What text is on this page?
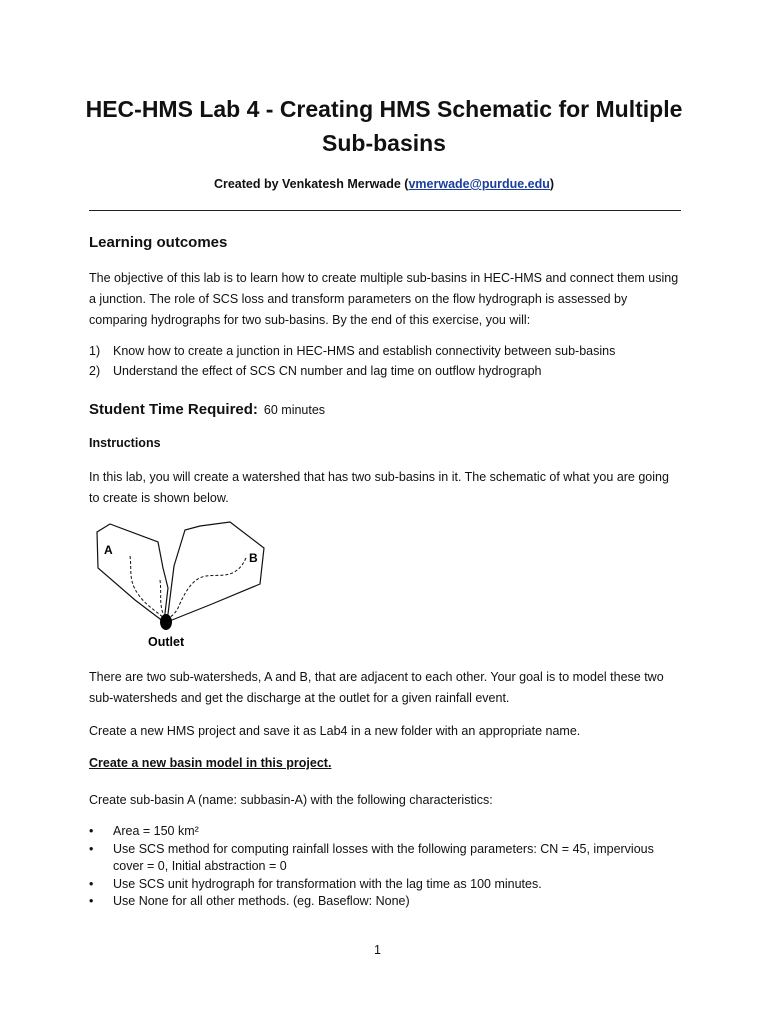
HEC-HMS Lab 4 - Creating HMS Schematic for Multiple Sub-basins
Created by Venkatesh Merwade (vmerwade@purdue.edu)
Learning outcomes
The objective of this lab is to learn how to create multiple sub-basins in HEC-HMS and connect them using a junction. The role of SCS loss and transform parameters on the flow hydrograph is assessed by comparing hydrographs for two sub-basins. By the end of this exercise, you will:
1) Know how to create a junction in HEC-HMS and establish connectivity between sub-basins
2) Understand the effect of SCS CN number and lag time on outflow hydrograph
Student Time Required: 60 minutes
Instructions
In this lab, you will create a watershed that has two sub-basins in it. The schematic of what you are going to create is shown below.
A
B
Outlet
There are two sub-watersheds, A and B, that are adjacent to each other. Your goal is to model these two sub-watersheds and get the discharge at the outlet for a given rainfall event.
Create a new HMS project and save it as Lab4 in a new folder with an appropriate name.
Create a new basin model in this project.
Create sub-basin A (name: subbasin-A) with the following characteristics:
• Area = 150 km²
• Use SCS method for computing rainfall losses with the following parameters: CN = 45, impervious cover = 0, Initial abstraction = 0
• Use SCS unit hydrograph for transformation with the lag time as 100 minutes.
• Use None for all other methods. (eg. Baseflow: None)
1
